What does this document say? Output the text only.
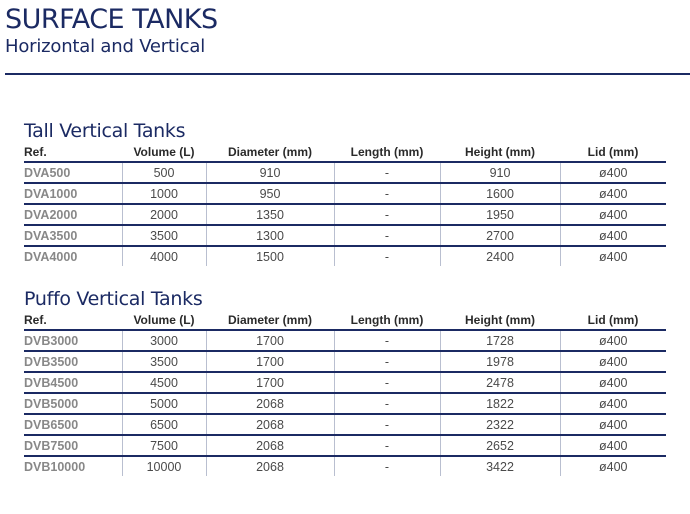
SURFACE TANKS
Horizontal and Vertical
Tall Vertical Tanks
Ref.	Volume (L)	Diameter (mm)	Length (mm)	Height (mm)	Lid (mm)
DVA500	500	910	-	910	ø400
DVA1000	1000	950	-	1600	ø400
DVA2000	2000	1350	-	1950	ø400
DVA3500	3500	1300	-	2700	ø400
DVA4000	4000	1500	-	2400	ø400
Puffo Vertical Tanks
Ref.	Volume (L)	Diameter (mm)	Length (mm)	Height (mm)	Lid (mm)
DVB3000	3000	1700	-	1728	ø400
DVB3500	3500	1700	-	1978	ø400
DVB4500	4500	1700	-	2478	ø400
DVB5000	5000	2068	-	1822	ø400
DVB6500	6500	2068	-	2322	ø400
DVB7500	7500	2068	-	2652	ø400
DVB10000	10000	2068	-	3422	ø400
